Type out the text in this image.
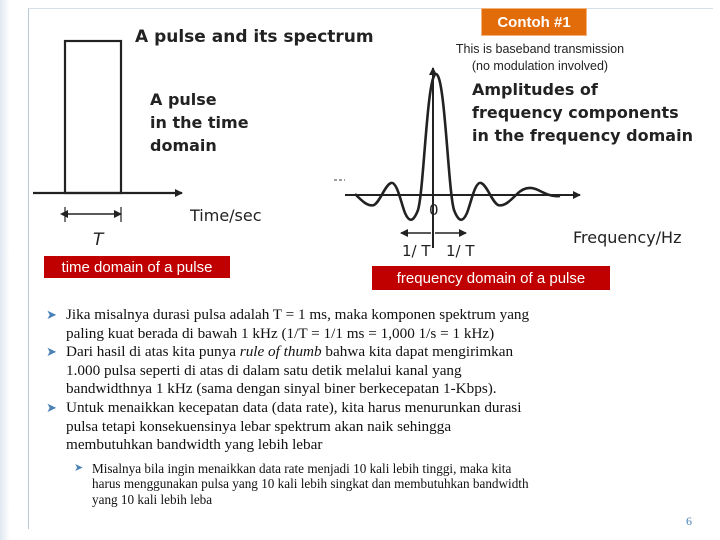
A pulse and its spectrum
T
Time/sec
A pulse
in the time
domain
0
1/ T 1/ T
Frequency/Hz
Amplitudes of
frequency components
in the frequency domain
Contoh #1
This is baseband transmission
(no modulation involved)
time domain of a pulse
frequency domain of a pulse
➤ Jika misalnya durasi pulsa adalah T = 1 ms, maka komponen spektrum yang
paling kuat berada di bawah 1 kHz (1/T = 1/1 ms = 1,000 1/s = 1 kHz)
➤ Dari hasil di atas kita punya rule of thumb bahwa kita dapat mengirimkan
1.000 pulsa seperti di atas di dalam satu detik melalui kanal yang
bandwidthnya 1 kHz (sama dengan sinyal biner berkecepatan 1-Kbps).
➤ Untuk menaikkan kecepatan data (data rate), kita harus menurunkan durasi
pulsa tetapi konsekuensinya lebar spektrum akan naik sehingga
membutuhkan bandwidth yang lebih lebar
➤ Misalnya bila ingin menaikkan data rate menjadi 10 kali lebih tinggi, maka kita
harus menggunakan pulsa yang 10 kali lebih singkat dan membutuhkan bandwidth
yang 10 kali lebih leba
6
